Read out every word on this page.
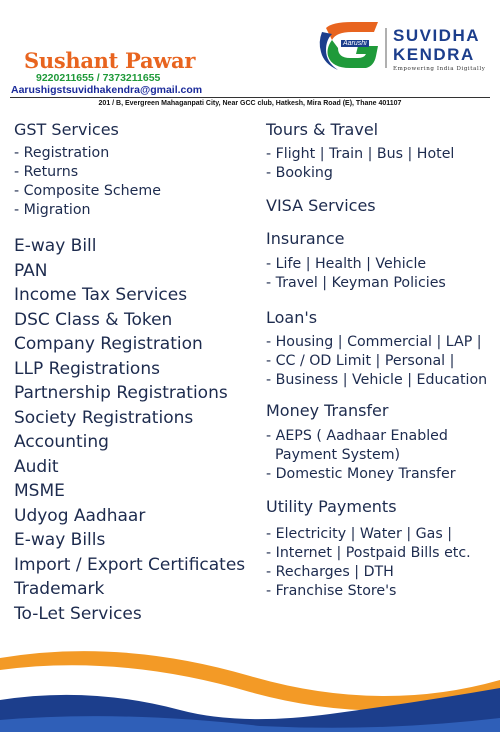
Sushant Pawar
9220211655 / 7373211655
Aarushigstsuvidhakendra@gmail.com
201 / B, Evergreen Mahaganpati City, Near GCC club, Hatkesh, Mira Road (E), Thane 401107
Aarushi SUVIDHA
KENDRA
Empowering India Digitally
GST Services
- Registration
- Returns
- Composite Scheme
- Migration
E-way Bill
PAN
Income Tax Services
DSC Class & Token
Company Registration
LLP Registrations
Partnership Registrations
Society Registrations
Accounting
Audit
MSME
Udyog Aadhaar
E-way Bills
Import / Export Certificates
Trademark
To-Let Services
Tours & Travel
- Flight | Train | Bus | Hotel
- Booking
VISA Services
Insurance
- Life | Health | Vehicle
- Travel | Keyman Policies
Loan's
- Housing | Commercial | LAP |
- CC / OD Limit | Personal |
- Business | Vehicle | Education
Money Transfer
- AEPS ( Aadhaar Enabled
Payment System)
- Domestic Money Transfer
Utility Payments
- Electricity | Water | Gas |
- Internet | Postpaid Bills etc.
- Recharges | DTH
- Franchise Store's
